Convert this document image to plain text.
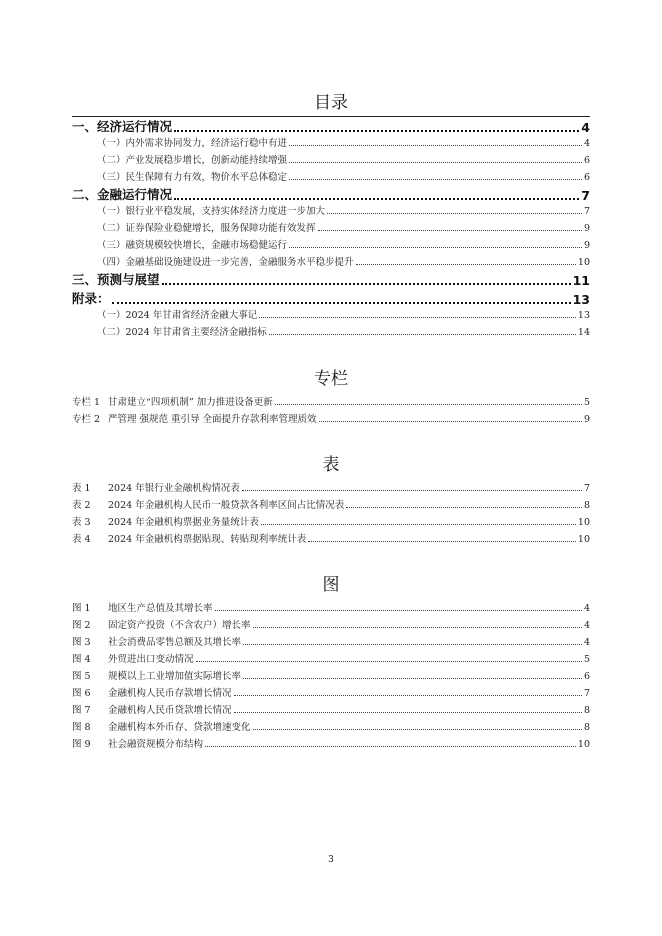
目录
一、经济运行情况	4
（一）内外需求协同发力，经济运行稳中有进	4
（二）产业发展稳步增长，创新动能持续增强	6
（三）民生保障有力有效，物价水平总体稳定	6
二、金融运行情况	7
（一）银行业平稳发展，支持实体经济力度进一步加大	7
（二）证券保险业稳健增长，服务保障功能有效发挥	9
（三）融资规模较快增长，金融市场稳健运行	9
（四）金融基础设施建设进一步完善，金融服务水平稳步提升	10
三、预测与展望	11
附录：	13
（一）2024 年甘肃省经济金融大事记	13
（二）2024 年甘肃省主要经济金融指标	14
专栏
专栏 1 甘肃建立“四项机制” 加力推进设备更新	5
专栏 2 严管理 强规范 重引导 全面提升存款利率管理质效	9
表
表 1 2024 年银行业金融机构情况表	7
表 2 2024 年金融机构人民币一般贷款各利率区间占比情况表	8
表 3 2024 年金融机构票据业务量统计表	10
表 4 2024 年金融机构票据贴现、转贴现利率统计表	10
图
图 1 地区生产总值及其增长率	4
图 2 固定资产投资（不含农户）增长率	4
图 3 社会消费品零售总额及其增长率	4
图 4 外贸进出口变动情况	5
图 5 规模以上工业增加值实际增长率	6
图 6 金融机构人民币存款增长情况	7
图 7 金融机构人民币贷款增长情况	8
图 8 金融机构本外币存、贷款增速变化	8
图 9 社会融资规模分布结构	10
3
